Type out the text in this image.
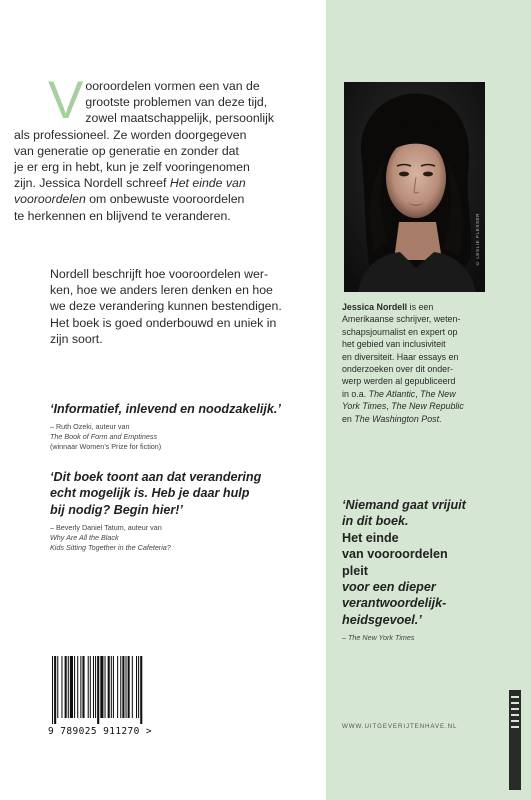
V ooroordelen vormen een van de
grootste problemen van deze tijd,
zowel maatschappelijk, persoonlijk
als professioneel. Ze worden doorgegeven
van generatie op generatie en zonder dat
je er erg in hebt, kun je zelf vooringenomen
zijn. Jessica Nordell schreef Het einde van
vooroordelen om onbewuste vooroordelen
te herkennen en blijvend te veranderen.
Nordell beschrijft hoe vooroordelen wer-
ken, hoe we anders leren denken en hoe
we deze verandering kunnen bestendigen.
Het boek is goed onderbouwd en uniek in
zijn soort.
‘Informatief, inlevend en noodzakelijk.’
– Ruth Ozeki, auteur van
The Book of Form and Emptiness
(winnaar Women’s Prize for fiction)
‘Dit boek toont aan dat verandering
echt mogelijk is. Heb je daar hulp
bij nodig? Begin hier!’
– Beverly Daniel Tatum, auteur van
Why Are All the Black
Kids Sitting Together in the Cafeteria?
© LESLIE PLESSER
Jessica Nordell is een
Amerikaanse schrijver, weten-
schapsjournalist en expert op
het gebied van inclusiviteit
en diversiteit. Haar essays en
onderzoeken over dit onder-
werp werden al gepubliceerd
in o.a. The Atlantic, The New
York Times, The New Republic
en The Washington Post.
‘Niemand gaat vrijuit
in dit boek.
Het einde
van vooroordelen
pleit
voor een dieper
verantwoordelijk-
heidsgevoel.’
– The New York Times
9 789025 911270 >	WWW.UITGEVERIJTENHAVE.NL
